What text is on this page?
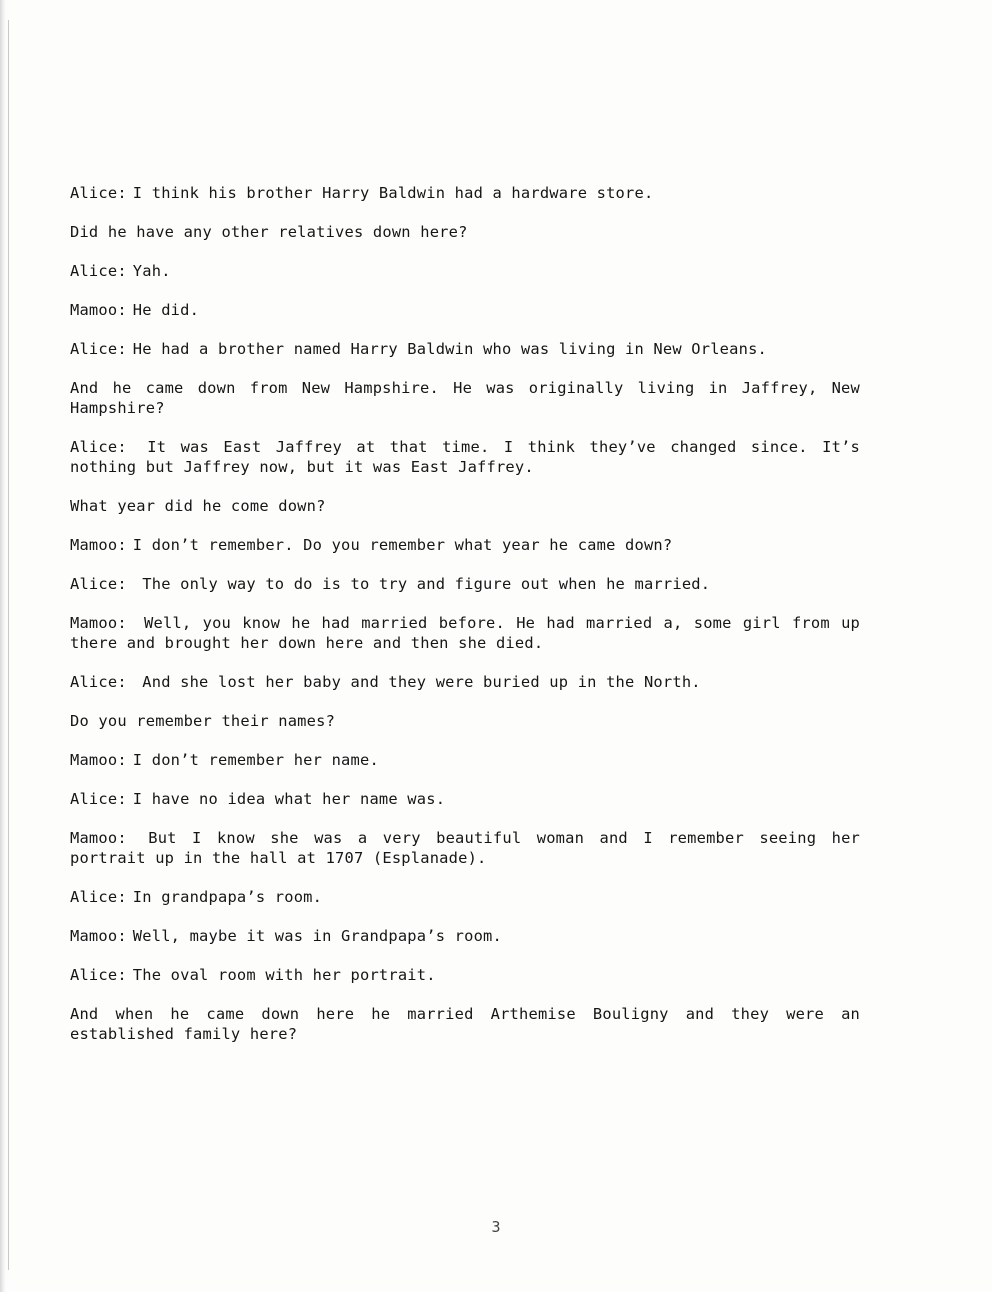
Alice: I think his brother Harry Baldwin had a hardware store.

Did he have any other relatives down here?

Alice: Yah.

Mamoo: He did.

Alice: He had a brother named Harry Baldwin who was living in New Orleans.

And he came down from New Hampshire. He was originally living in Jaffrey, New Hampshire?

Alice: It was East Jaffrey at that time. I think they’ve changed since. It’s nothing but Jaffrey now, but it was East Jaffrey.

What year did he come down?

Mamoo: I don’t remember. Do you remember what year he came down?

Alice: The only way to do is to try and figure out when he married.

Mamoo: Well, you know he had married before. He had married a, some girl from up there and brought her down here and then she died.

Alice: And she lost her baby and they were buried up in the North.

Do you remember their names?

Mamoo: I don’t remember her name.

Alice: I have no idea what her name was.

Mamoo: But I know she was a very beautiful woman and I remember seeing her portrait up in the hall at 1707 (Esplanade).

Alice: In grandpapa’s room.

Mamoo: Well, maybe it was in Grandpapa’s room.

Alice: The oval room with her portrait.

And when he came down here he married Arthemise Bouligny and they were an established family here?

3
